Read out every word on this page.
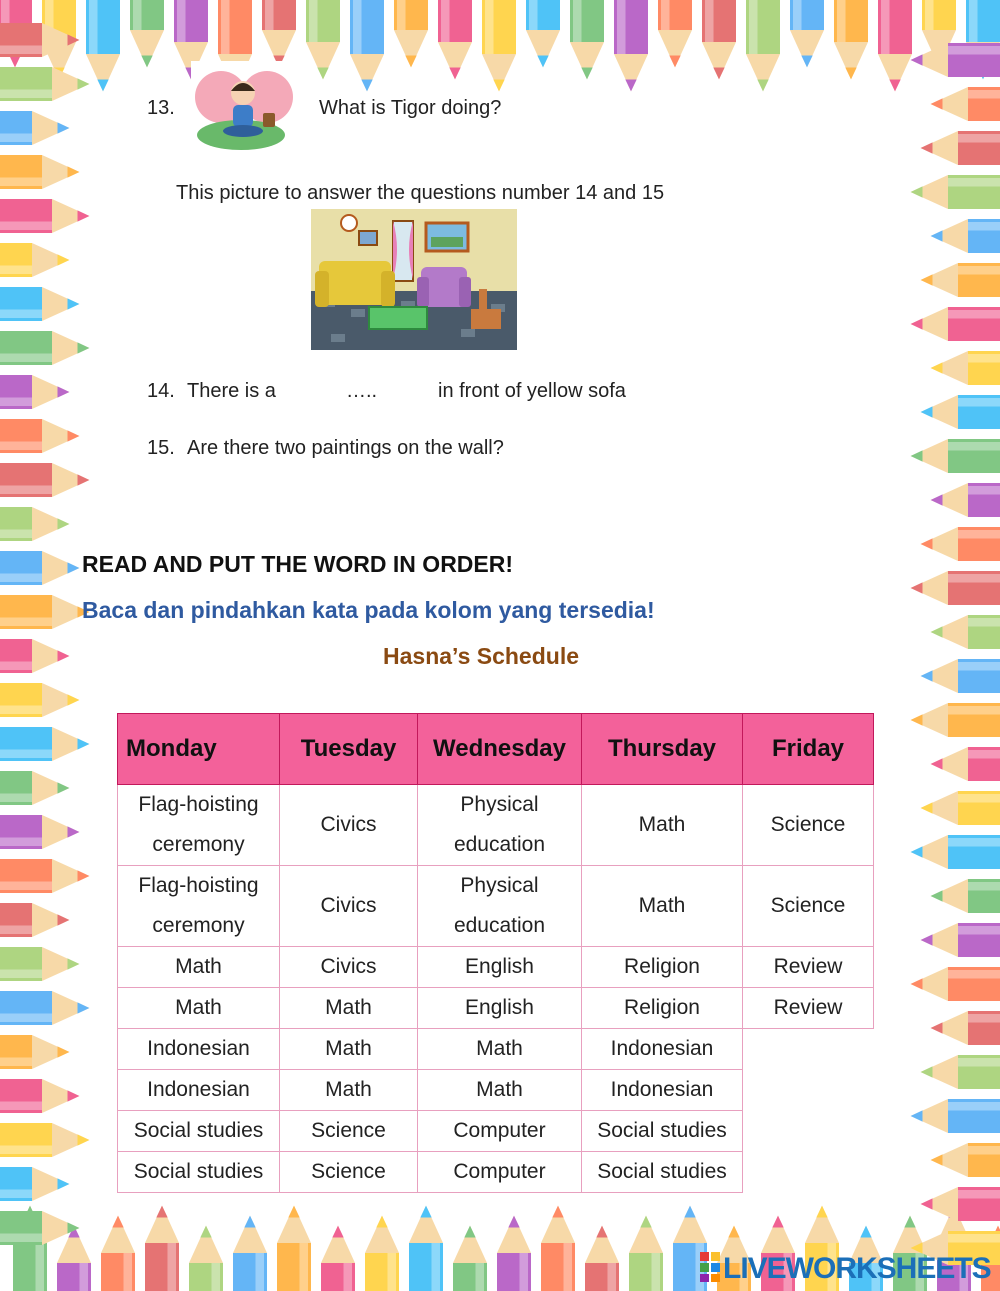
13.	What is Tigor doing?
This picture to answer the questions number 14 and 15
14. There is a	…..	in front of yellow sofa
15. Are there two paintings on the wall?
READ AND PUT THE WORD IN ORDER!
Baca dan pindahkan kata pada kolom yang tersedia!
Hasna’s Schedule
Monday	Tuesday	Wednesday	Thursday	Friday
Flag-hoisting ceremony	Civics	Physical education	Math	Science
Flag-hoisting ceremony	Civics	Physical education	Math	Science
Math	Civics	English	Religion	Review
Math	Math	English	Religion	Review
Indonesian	Math	Math	Indonesian	
Indonesian	Math	Math	Indonesian	
Social studies	Science	Computer	Social studies	
Social studies	Science	Computer	Social studies	
LIVEWORKSHEETS
